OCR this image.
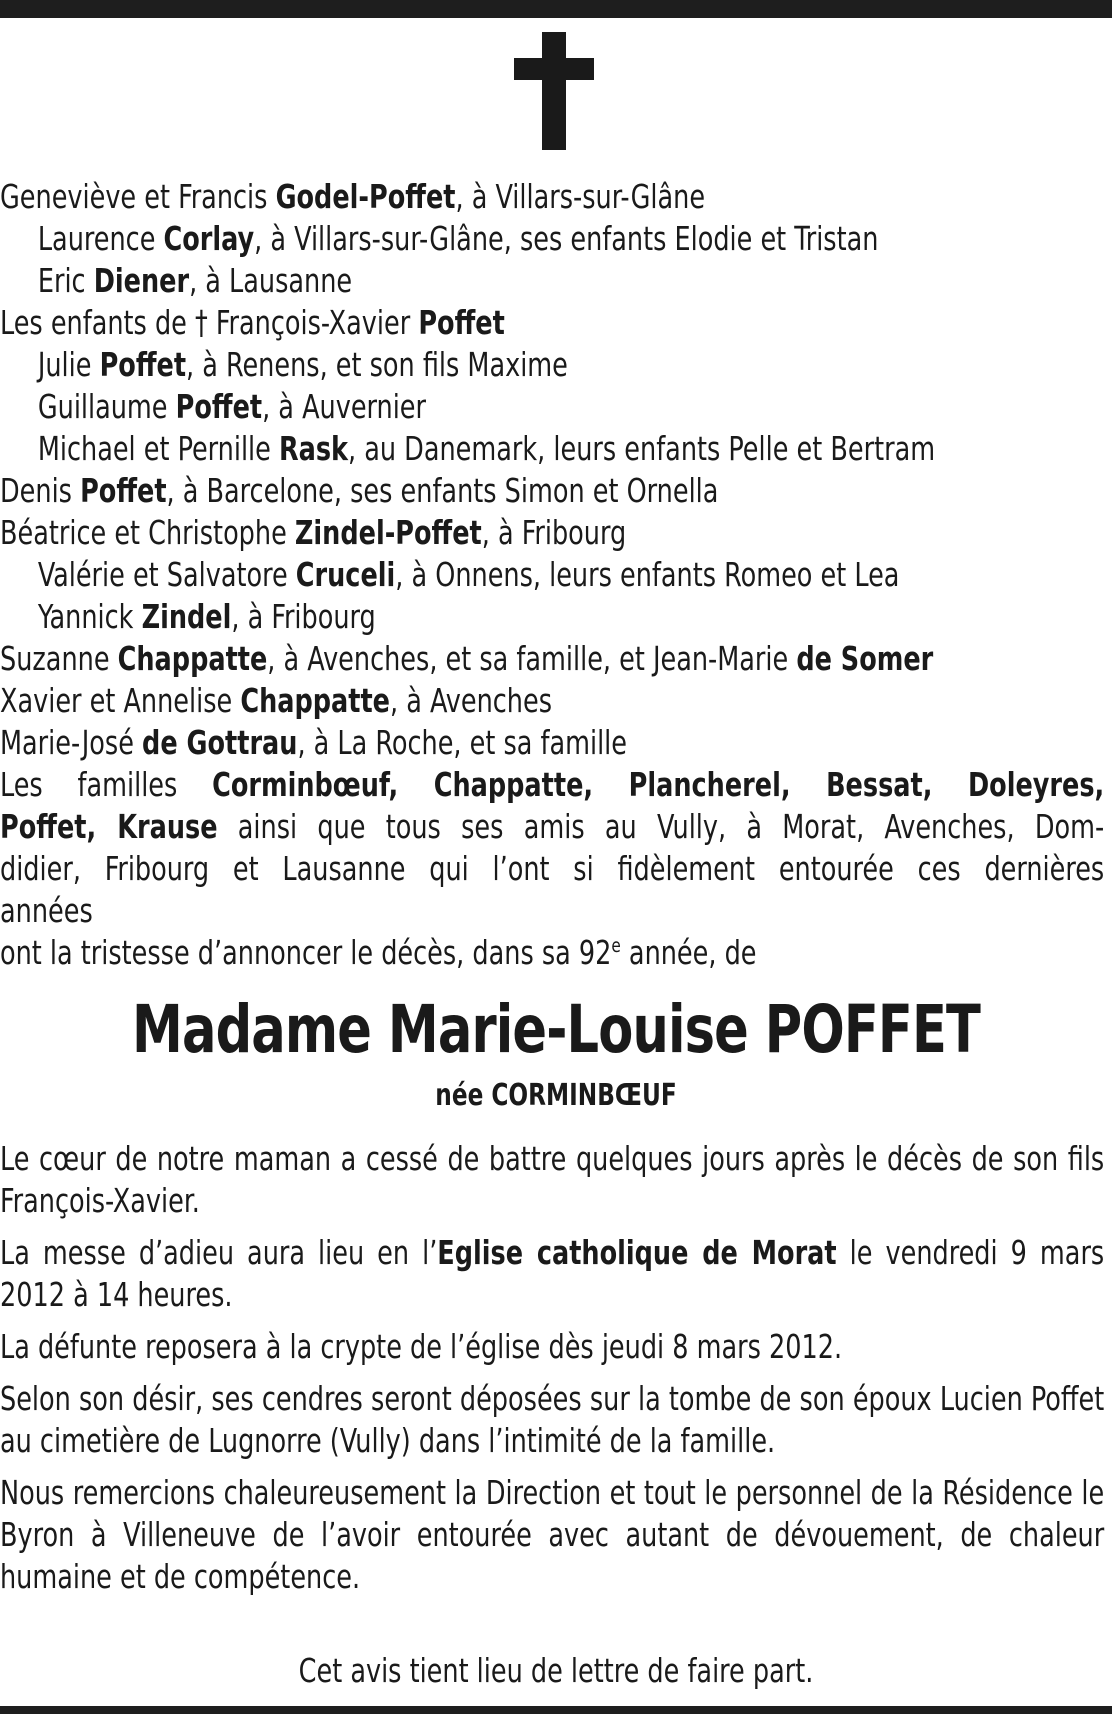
Geneviève et Francis Godel-Poffet, à Villars-sur-Glâne
Laurence Corlay, à Villars-sur-Glâne, ses enfants Elodie et Tristan
Eric Diener, à Lausanne
Les enfants de † François-Xavier Poffet
Julie Poffet, à Renens, et son fils Maxime
Guillaume Poffet, à Auvernier
Michael et Pernille Rask, au Danemark, leurs enfants Pelle et Bertram
Denis Poffet, à Barcelone, ses enfants Simon et Ornella
Béatrice et Christophe Zindel-Poffet, à Fribourg
Valérie et Salvatore Cruceli, à Onnens, leurs enfants Romeo et Lea
Yannick Zindel, à Fribourg
Suzanne Chappatte, à Avenches, et sa famille, et Jean-Marie de Somer
Xavier et Annelise Chappatte, à Avenches
Marie-José de Gottrau, à La Roche, et sa famille
Les familles Corminbœuf, Chappatte, Plancherel, Bessat, Doleyres,
Poffet, Krause ainsi que tous ses amis au Vully, à Morat, Avenches, Dom-
didier, Fribourg et Lausanne qui l’ont si fidèlement entourée ces dernières
années
ont la tristesse d’annoncer le décès, dans sa 92e année, de
Madame Marie-Louise POFFET
née CORMINBŒUF

Le cœur de notre maman a cessé de battre quelques jours après le décès de son fils François-Xavier.

La messe d’adieu aura lieu en l’Eglise catholique de Morat le vendredi 9 mars 2012 à 14 heures.

La défunte reposera à la crypte de l’église dès jeudi 8 mars 2012.

Selon son désir, ses cendres seront déposées sur la tombe de son époux Lucien Poffet au cimetière de Lugnorre (Vully) dans l’intimité de la famille.

Nous remercions chaleureusement la Direction et tout le personnel de la Résidence le Byron à Villeneuve de l’avoir entourée avec autant de dévouement, de chaleur humaine et de compétence.

Cet avis tient lieu de lettre de faire part.
